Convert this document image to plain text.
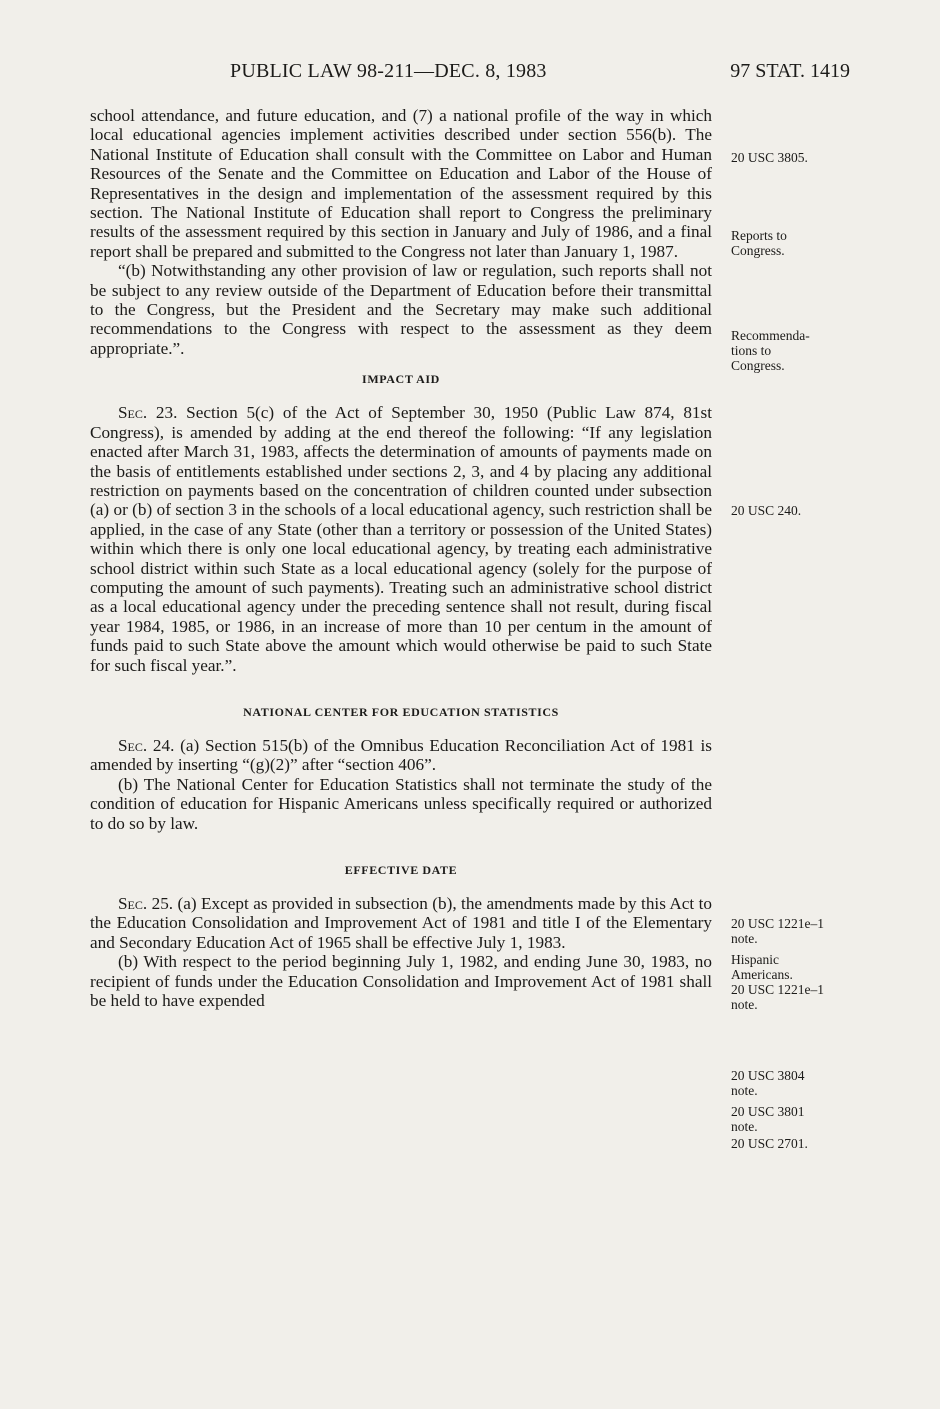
PUBLIC LAW 98-211—DEC. 8, 1983	97 STAT. 1419

school attendance, and future education, and (7) a national profile of the way in which local educational agencies implement activities described under section 556(b). The National Institute of Education shall consult with the Committee on Labor and Human Resources of the Senate and the Committee on Education and Labor of the House of Representatives in the design and implementation of the assessment required by this section. The National Institute of Education shall report to Congress the preliminary results of the assessment required by this section in January and July of 1986, and a final report shall be prepared and submitted to the Congress not later than January 1, 1987.

“(b) Notwithstanding any other provision of law or regulation, such reports shall not be subject to any review outside of the Department of Education before their transmittal to the Congress, but the President and the Secretary may make such additional recommendations to the Congress with respect to the assessment as they deem appropriate.”.

IMPACT AID

Sec. 23. Section 5(c) of the Act of September 30, 1950 (Public Law 874, 81st Congress), is amended by adding at the end thereof the following: “If any legislation enacted after March 31, 1983, affects the determination of amounts of payments made on the basis of entitlements established under sections 2, 3, and 4 by placing any additional restriction on payments based on the concentration of children counted under subsection (a) or (b) of section 3 in the schools of a local educational agency, such restriction shall be applied, in the case of any State (other than a territory or possession of the United States) within which there is only one local educational agency, by treating each administrative school district within such State as a local educational agency (solely for the purpose of computing the amount of such payments). Treating such an administrative school district as a local educational agency under the preceding sentence shall not result, during fiscal year 1984, 1985, or 1986, in an increase of more than 10 per centum in the amount of funds paid to such State above the amount which would otherwise be paid to such State for such fiscal year.”.

NATIONAL CENTER FOR EDUCATION STATISTICS

Sec. 24. (a) Section 515(b) of the Omnibus Education Reconciliation Act of 1981 is amended by inserting “(g)(2)” after “section 406”.

(b) The National Center for Education Statistics shall not terminate the study of the condition of education for Hispanic Americans unless specifically required or authorized to do so by law.

EFFECTIVE DATE

Sec. 25. (a) Except as provided in subsection (b), the amendments made by this Act to the Education Consolidation and Improvement Act of 1981 and title I of the Elementary and Secondary Education Act of 1965 shall be effective July 1, 1983.

(b) With respect to the period beginning July 1, 1982, and ending June 30, 1983, no recipient of funds under the Education Consolidation and Improvement Act of 1981 shall be held to have expended

20 USC 3805.
Reports to
Congress.
Recommenda-
tions to
Congress.
20 USC 240.
20 USC 1221e–1
note.
Hispanic
Americans.
20 USC 1221e–1
note.
20 USC 3804
note.
20 USC 3801
note.
20 USC 2701.
